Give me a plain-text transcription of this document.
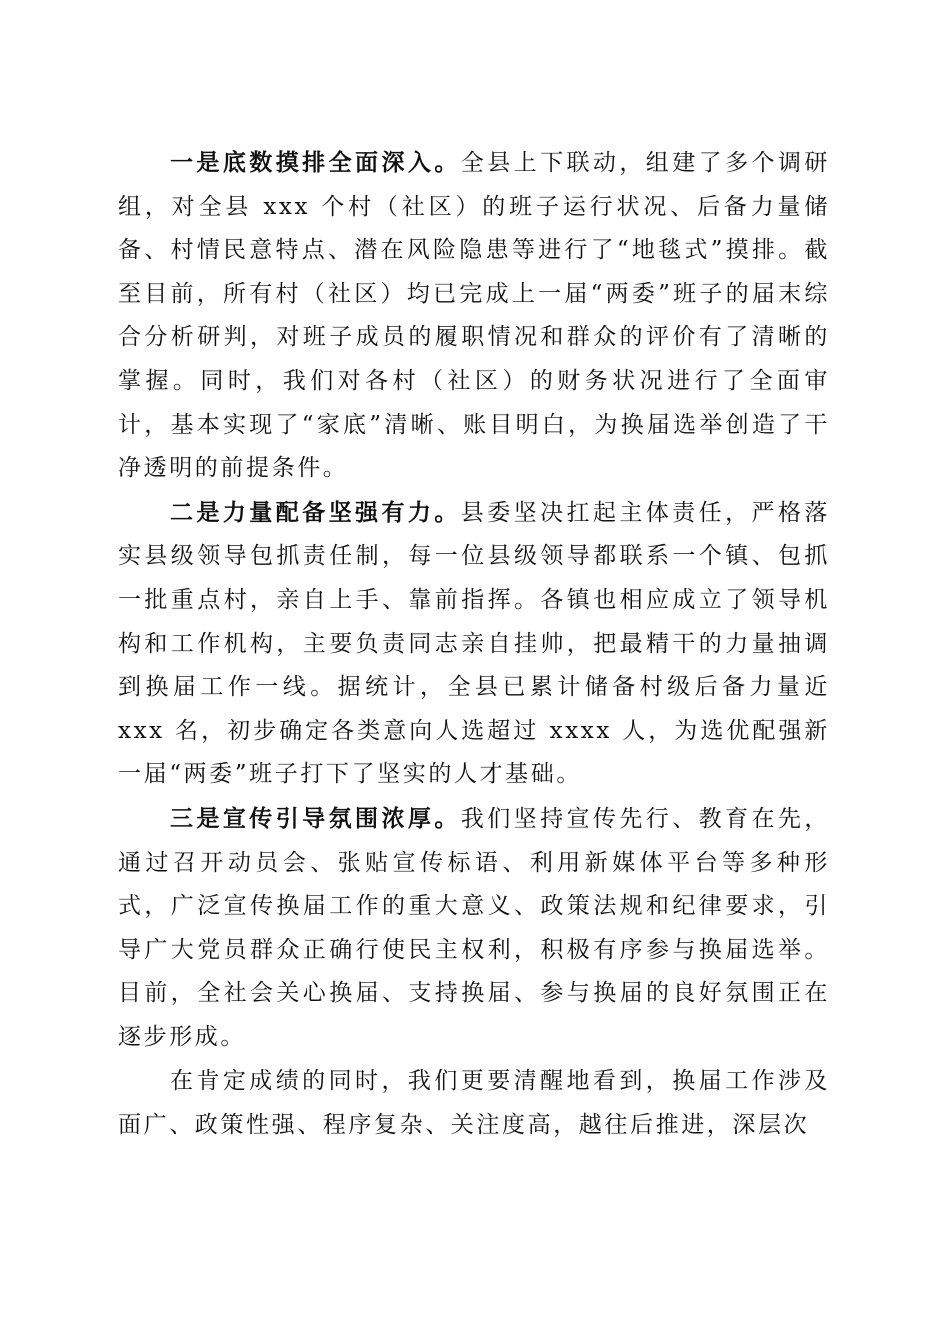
一是底数摸排全面深入。全县上下联动，组建了多个调研组，对全县 xxx 个村（社区）的班子运行状况、后备力量储备、村情民意特点、潜在风险隐患等进行了“地毯式”摸排。截至目前，所有村（社区）均已完成上一届“两委”班子的届末综合分析研判，对班子成员的履职情况和群众的评价有了清晰的掌握。同时，我们对各村（社区）的财务状况进行了全面审计，基本实现了“家底”清晰、账目明白，为换届选举创造了干净透明的前提条件。

二是力量配备坚强有力。县委坚决扛起主体责任，严格落实县级领导包抓责任制，每一位县级领导都联系一个镇、包抓一批重点村，亲自上手、靠前指挥。各镇也相应成立了领导机构和工作机构，主要负责同志亲自挂帅，把最精干的力量抽调到换届工作一线。据统计，全县已累计储备村级后备力量近 xxx 名，初步确定各类意向人选超过 xxxx 人，为选优配强新一届“两委”班子打下了坚实的人才基础。

三是宣传引导氛围浓厚。我们坚持宣传先行、教育在先，通过召开动员会、张贴宣传标语、利用新媒体平台等多种形式，广泛宣传换届工作的重大意义、政策法规和纪律要求，引导广大党员群众正确行使民主权利，积极有序参与换届选举。目前，全社会关心换届、支持换届、参与换届的良好氛围正在逐步形成。

在肯定成绩的同时，我们更要清醒地看到，换届工作涉及面广、政策性强、程序复杂、关注度高，越往后推进，深层次
